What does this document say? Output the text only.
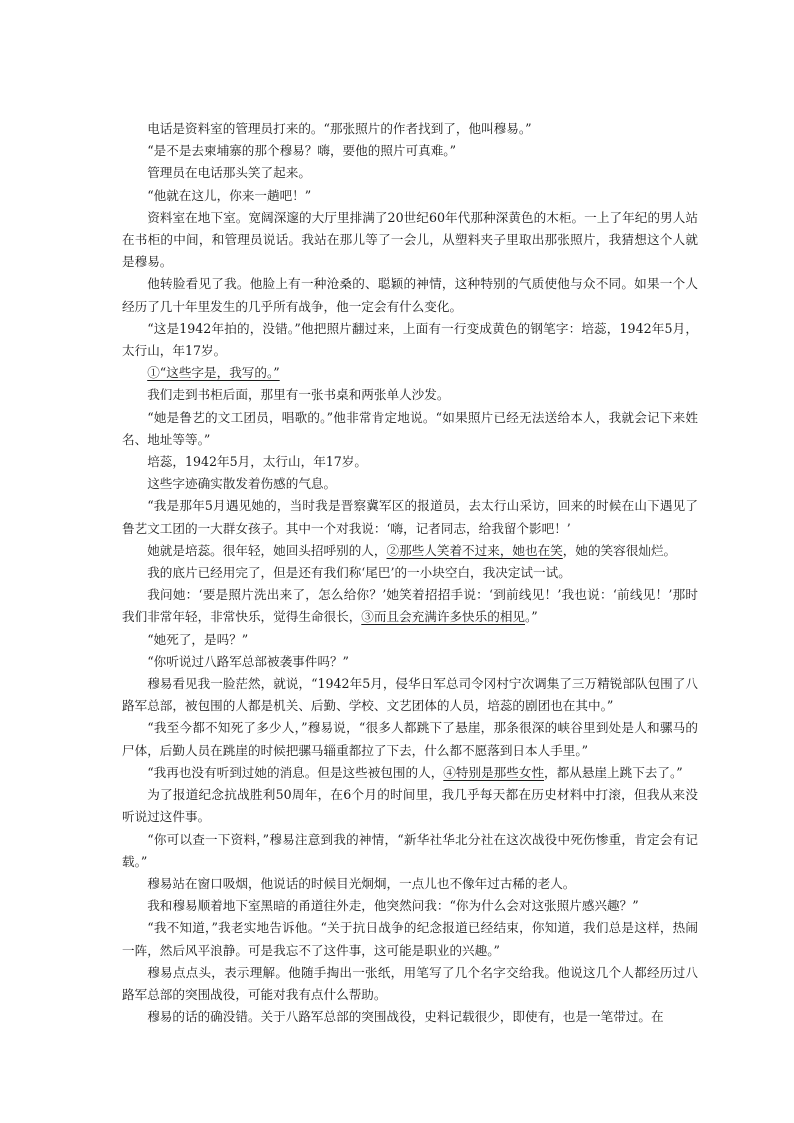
电话是资料室的管理员打来的。“那张照片的作者找到了，他叫穆易。”

“是不是去柬埔寨的那个穆易？嗨，要他的照片可真难。”

管理员在电话那头笑了起来。

“他就在这儿，你来一趟吧！”

资料室在地下室。宽阔深邃的大厅里排满了20世纪60年代那种深黄色的木柜。一上了年纪的男人站在书柜的中间，和管理员说话。我站在那儿等了一会儿，从塑料夹子里取出那张照片，我猜想这个人就是穆易。

他转脸看见了我。他脸上有一种沧桑的、聪颖的神情，这种特别的气质使他与众不同。如果一个人经历了几十年里发生的几乎所有战争，他一定会有什么变化。

“这是1942年拍的，没错。”他把照片翻过来，上面有一行变成黄色的钢笔字：培蕊，1942年5月，太行山，年17岁。

①“这些字是，我写的。”

我们走到书柜后面，那里有一张书桌和两张单人沙发。

“她是鲁艺的文工团员，唱歌的。”他非常肯定地说。“如果照片已经无法送给本人，我就会记下来姓名、地址等等。”

培蕊，1942年5月，太行山，年17岁。

这些字迹确实散发着伤感的气息。

“我是那年5月遇见她的，当时我是晋察冀军区的报道员，去太行山采访，回来的时候在山下遇见了鲁艺文工团的一大群女孩子。其中一个对我说：‘嗨，记者同志，给我留个影吧！’

她就是培蕊。很年轻，她回头招呼别的人，②那些人笑着不过来，她也在笑，她的笑容很灿烂。

我的底片已经用完了，但是还有我们称‘尾巴’的一小块空白，我决定试一试。

我问她：‘要是照片洗出来了，怎么给你？’她笑着招招手说：‘到前线见！’我也说：‘前线见！’那时我们非常年轻，非常快乐，觉得生命很长，③而且会充满许多快乐的相见。”

“她死了，是吗？”

“你听说过八路军总部被袭事件吗？”

穆易看见我一脸茫然，就说，“1942年5月，侵华日军总司令冈村宁次调集了三万精锐部队包围了八路军总部，被包围的人都是机关、后勤、学校、文艺团体的人员，培蕊的剧团也在其中。”

“我至今都不知死了多少人，”穆易说，“很多人都跳下了悬崖，那条很深的峡谷里到处是人和骡马的尸体，后勤人员在跳崖的时候把骡马辎重都拉了下去，什么都不愿落到日本人手里。”

“我再也没有听到过她的消息。但是这些被包围的人，④特别是那些女性，都从悬崖上跳下去了。”

为了报道纪念抗战胜利50周年，在6个月的时间里，我几乎每天都在历史材料中打滚，但我从来没听说过这件事。

“你可以查一下资料，”穆易注意到我的神情，“新华社华北分社在这次战役中死伤惨重，肯定会有记载。”

穆易站在窗口吸烟，他说话的时候目光炯炯，一点儿也不像年过古稀的老人。

我和穆易顺着地下室黑暗的甬道往外走，他突然问我：“你为什么会对这张照片感兴趣？”

“我不知道，”我老实地告诉他。“关于抗日战争的纪念报道已经结束，你知道，我们总是这样，热闹一阵，然后风平浪静。可是我忘不了这件事，这可能是职业的兴趣。”

穆易点点头，表示理解。他随手掏出一张纸，用笔写了几个名字交给我。他说这几个人都经历过八路军总部的突围战役，可能对我有点什么帮助。

穆易的话的确没错。关于八路军总部的突围战役，史料记载很少，即使有，也是一笔带过。在
